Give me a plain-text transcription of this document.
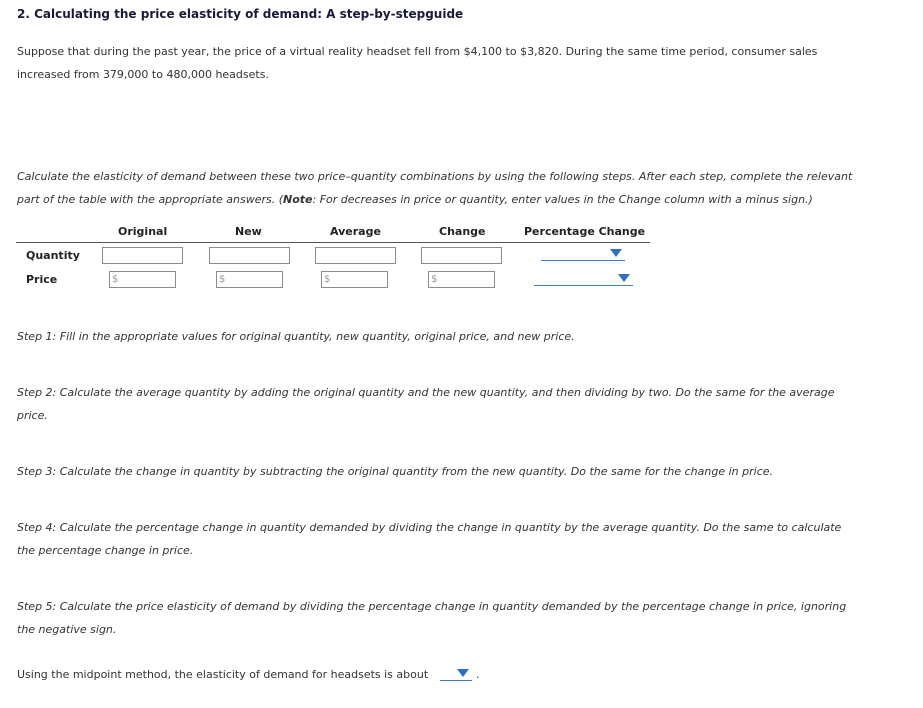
2. Calculating the price elasticity of demand: A step-by-stepguide
Suppose that during the past year, the price of a virtual reality headset fell from $4,100 to $3,820. During the same time period, consumer sales
increased from 379,000 to 480,000 headsets.
Calculate the elasticity of demand between these two price–quantity combinations by using the following steps. After each step, complete the relevant
part of the table with the appropriate answers. (Note: For decreases in price or quantity, enter values in the Change column with a minus sign.)
Original	New	Average	Change	Percentage Change
Quantity
Price	$	$	$	$
Step 1: Fill in the appropriate values for original quantity, new quantity, original price, and new price.
Step 2: Calculate the average quantity by adding the original quantity and the new quantity, and then dividing by two. Do the same for the average
price.
Step 3: Calculate the change in quantity by subtracting the original quantity from the new quantity. Do the same for the change in price.
Step 4: Calculate the percentage change in quantity demanded by dividing the change in quantity by the average quantity. Do the same to calculate
the percentage change in price.
Step 5: Calculate the price elasticity of demand by dividing the percentage change in quantity demanded by the percentage change in price, ignoring
the negative sign.
Using the midpoint method, the elasticity of demand for headsets is about	.
